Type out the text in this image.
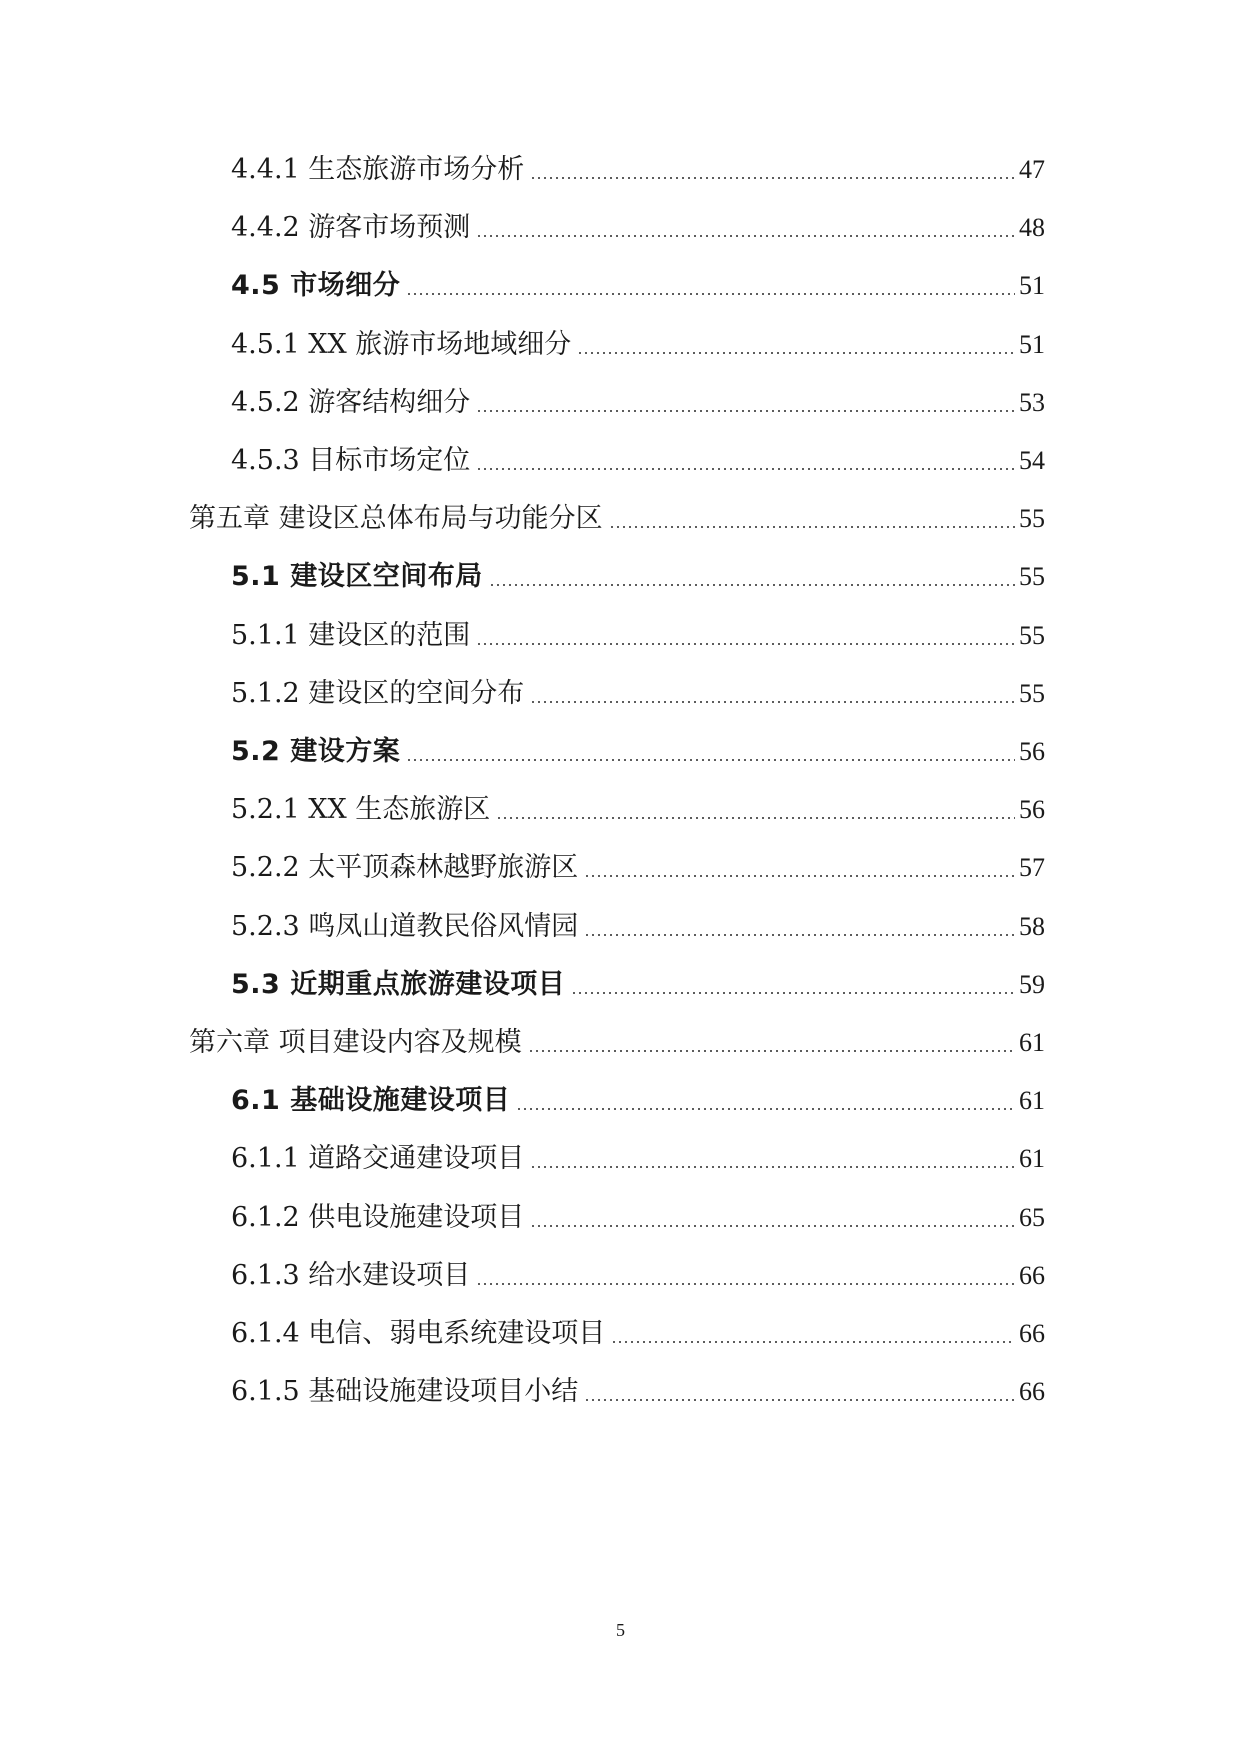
4.4.1 生态旅游市场分析	47
4.4.2 游客市场预测	48
4.5 市场细分	51
4.5.1 XX 旅游市场地域细分	51
4.5.2 游客结构细分	53
4.5.3 目标市场定位	54
第五章 建设区总体布局与功能分区	55
5.1 建设区空间布局	55
5.1.1 建设区的范围	55
5.1.2 建设区的空间分布	55
5.2 建设方案	56
5.2.1 XX 生态旅游区	56
5.2.2 太平顶森林越野旅游区	57
5.2.3 鸣凤山道教民俗风情园	58
5.3 近期重点旅游建设项目	59
第六章 项目建设内容及规模	61
6.1 基础设施建设项目	61
6.1.1 道路交通建设项目	61
6.1.2 供电设施建设项目	65
6.1.3 给水建设项目	66
6.1.4 电信、弱电系统建设项目	66
6.1.5 基础设施建设项目小结	66
5
